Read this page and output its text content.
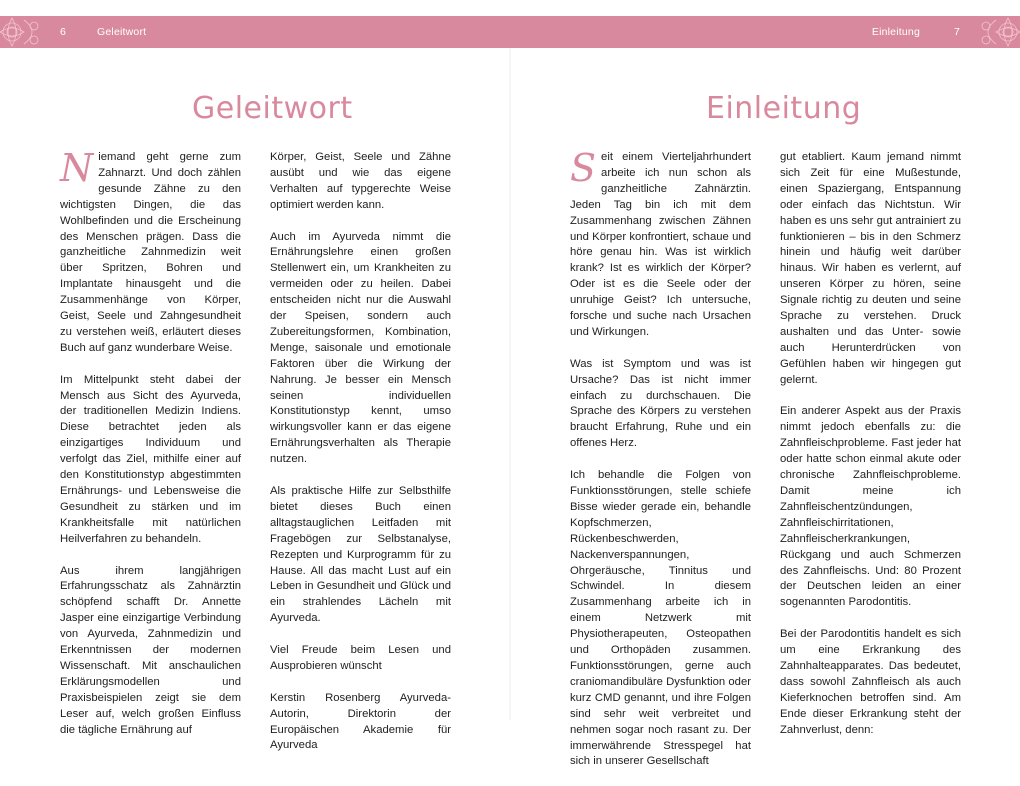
6	Geleitwort	Einleitung	7
Geleitwort

Niemand geht gerne zum Zahnarzt. Und doch zählen gesunde Zähne zu den wichtigsten Dingen, die das Wohlbefinden und die Erscheinung des Menschen prägen. Dass die ganzheitliche Zahnmedizin weit über Spritzen, Bohren und Implantate hinausgeht und die Zusammenhänge von Körper, Geist, Seele und Zahngesundheit zu verstehen weiß, erläutert dieses Buch auf ganz wunderbare Weise.

Im Mittelpunkt steht dabei der Mensch aus Sicht des Ayurveda, der traditionellen Medizin Indiens. Diese betrachtet jeden als einzigartiges Individuum und verfolgt das Ziel, mithilfe einer auf den Konstitutionstyp abgestimmten Ernährungs- und Lebensweise die Gesundheit zu stärken und im Krankheitsfalle mit natürlichen Heilverfahren zu behandeln.

Aus ihrem langjährigen Erfahrungsschatz als Zahnärztin schöpfend schafft Dr. Annette Jasper eine einzigartige Verbindung von Ayurveda, Zahnmedizin und Erkenntnissen der modernen Wissenschaft. Mit anschaulichen Erklärungsmodellen und Praxisbeispielen zeigt sie dem Leser auf, welch großen Einfluss die tägliche Ernährung auf

Körper, Geist, Seele und Zähne ausübt und wie das eigene Verhalten auf typgerechte Weise optimiert werden kann.

Auch im Ayurveda nimmt die Ernährungslehre einen großen Stellenwert ein, um Krankheiten zu vermeiden oder zu heilen. Dabei entscheiden nicht nur die Auswahl der Speisen, sondern auch Zubereitungsformen, Kombination, Menge, saisonale und emotionale Faktoren über die Wirkung der Nahrung. Je besser ein Mensch seinen individuellen Konstitutionstyp kennt, umso wirkungsvoller kann er das eigene Ernährungsverhalten als Therapie nutzen.

Als praktische Hilfe zur Selbsthilfe bietet dieses Buch einen alltagstauglichen Leitfaden mit Fragebögen zur Selbstanalyse, Rezepten und Kurprogramm für zu Hause. All das macht Lust auf ein Leben in Gesundheit und Glück und ein strahlendes Lächeln mit Ayurveda.

Viel Freude beim Lesen und Ausprobieren wünscht

Kerstin Rosenberg Ayurveda-Autorin, Direktorin der Europäischen Akademie für Ayurveda

Einleitung

Seit einem Vierteljahrhundert arbeite ich nun schon als ganzheitliche Zahnärztin. Jeden Tag bin ich mit dem Zusammenhang zwischen Zähnen und Körper konfrontiert, schaue und höre genau hin. Was ist wirklich krank? Ist es wirklich der Körper? Oder ist es die Seele oder der unruhige Geist? Ich untersuche, forsche und suche nach Ursachen und Wirkungen.

Was ist Symptom und was ist Ursache? Das ist nicht immer einfach zu durchschauen. Die Sprache des Körpers zu verstehen braucht Erfahrung, Ruhe und ein offenes Herz.

Ich behandle die Folgen von Funktionsstörungen, stelle schiefe Bisse wieder gerade ein, behandle Kopfschmerzen, Rückenbeschwerden, Nackenverspannungen, Ohrgeräusche, Tinnitus und Schwindel. In diesem Zusammenhang arbeite ich in einem Netzwerk mit Physiotherapeuten, Osteopathen und Orthopäden zusammen. Funktionsstörungen, gerne auch craniomandibuläre Dysfunktion oder kurz CMD genannt, und ihre Folgen sind sehr weit verbreitet und nehmen sogar noch rasant zu. Der immerwährende Stresspegel hat sich in unserer Gesellschaft

gut etabliert. Kaum jemand nimmt sich Zeit für eine Mußestunde, einen Spaziergang, Entspannung oder einfach das Nichtstun. Wir haben es uns sehr gut antrainiert zu funktionieren – bis in den Schmerz hinein und häufig weit darüber hinaus. Wir haben es verlernt, auf unseren Körper zu hören, seine Signale richtig zu deuten und seine Sprache zu verstehen. Druck aushalten und das Unter- sowie auch Herunterdrücken von Gefühlen haben wir hingegen gut gelernt.

Ein anderer Aspekt aus der Praxis nimmt jedoch ebenfalls zu: die Zahnfleischprobleme. Fast jeder hat oder hatte schon einmal akute oder chronische Zahnfleischprobleme. Damit meine ich Zahnfleischentzündungen, Zahnfleischirritationen, Zahnfleischerkrankungen, Rückgang und auch Schmerzen des Zahnfleischs. Und: 80 Prozent der Deutschen leiden an einer sogenannten Parodontitis.

Bei der Parodontitis handelt es sich um eine Erkrankung des Zahnhalteapparates. Das bedeutet, dass sowohl Zahnfleisch als auch Kieferknochen betroffen sind. Am Ende dieser Erkrankung steht der Zahnverlust, denn:
